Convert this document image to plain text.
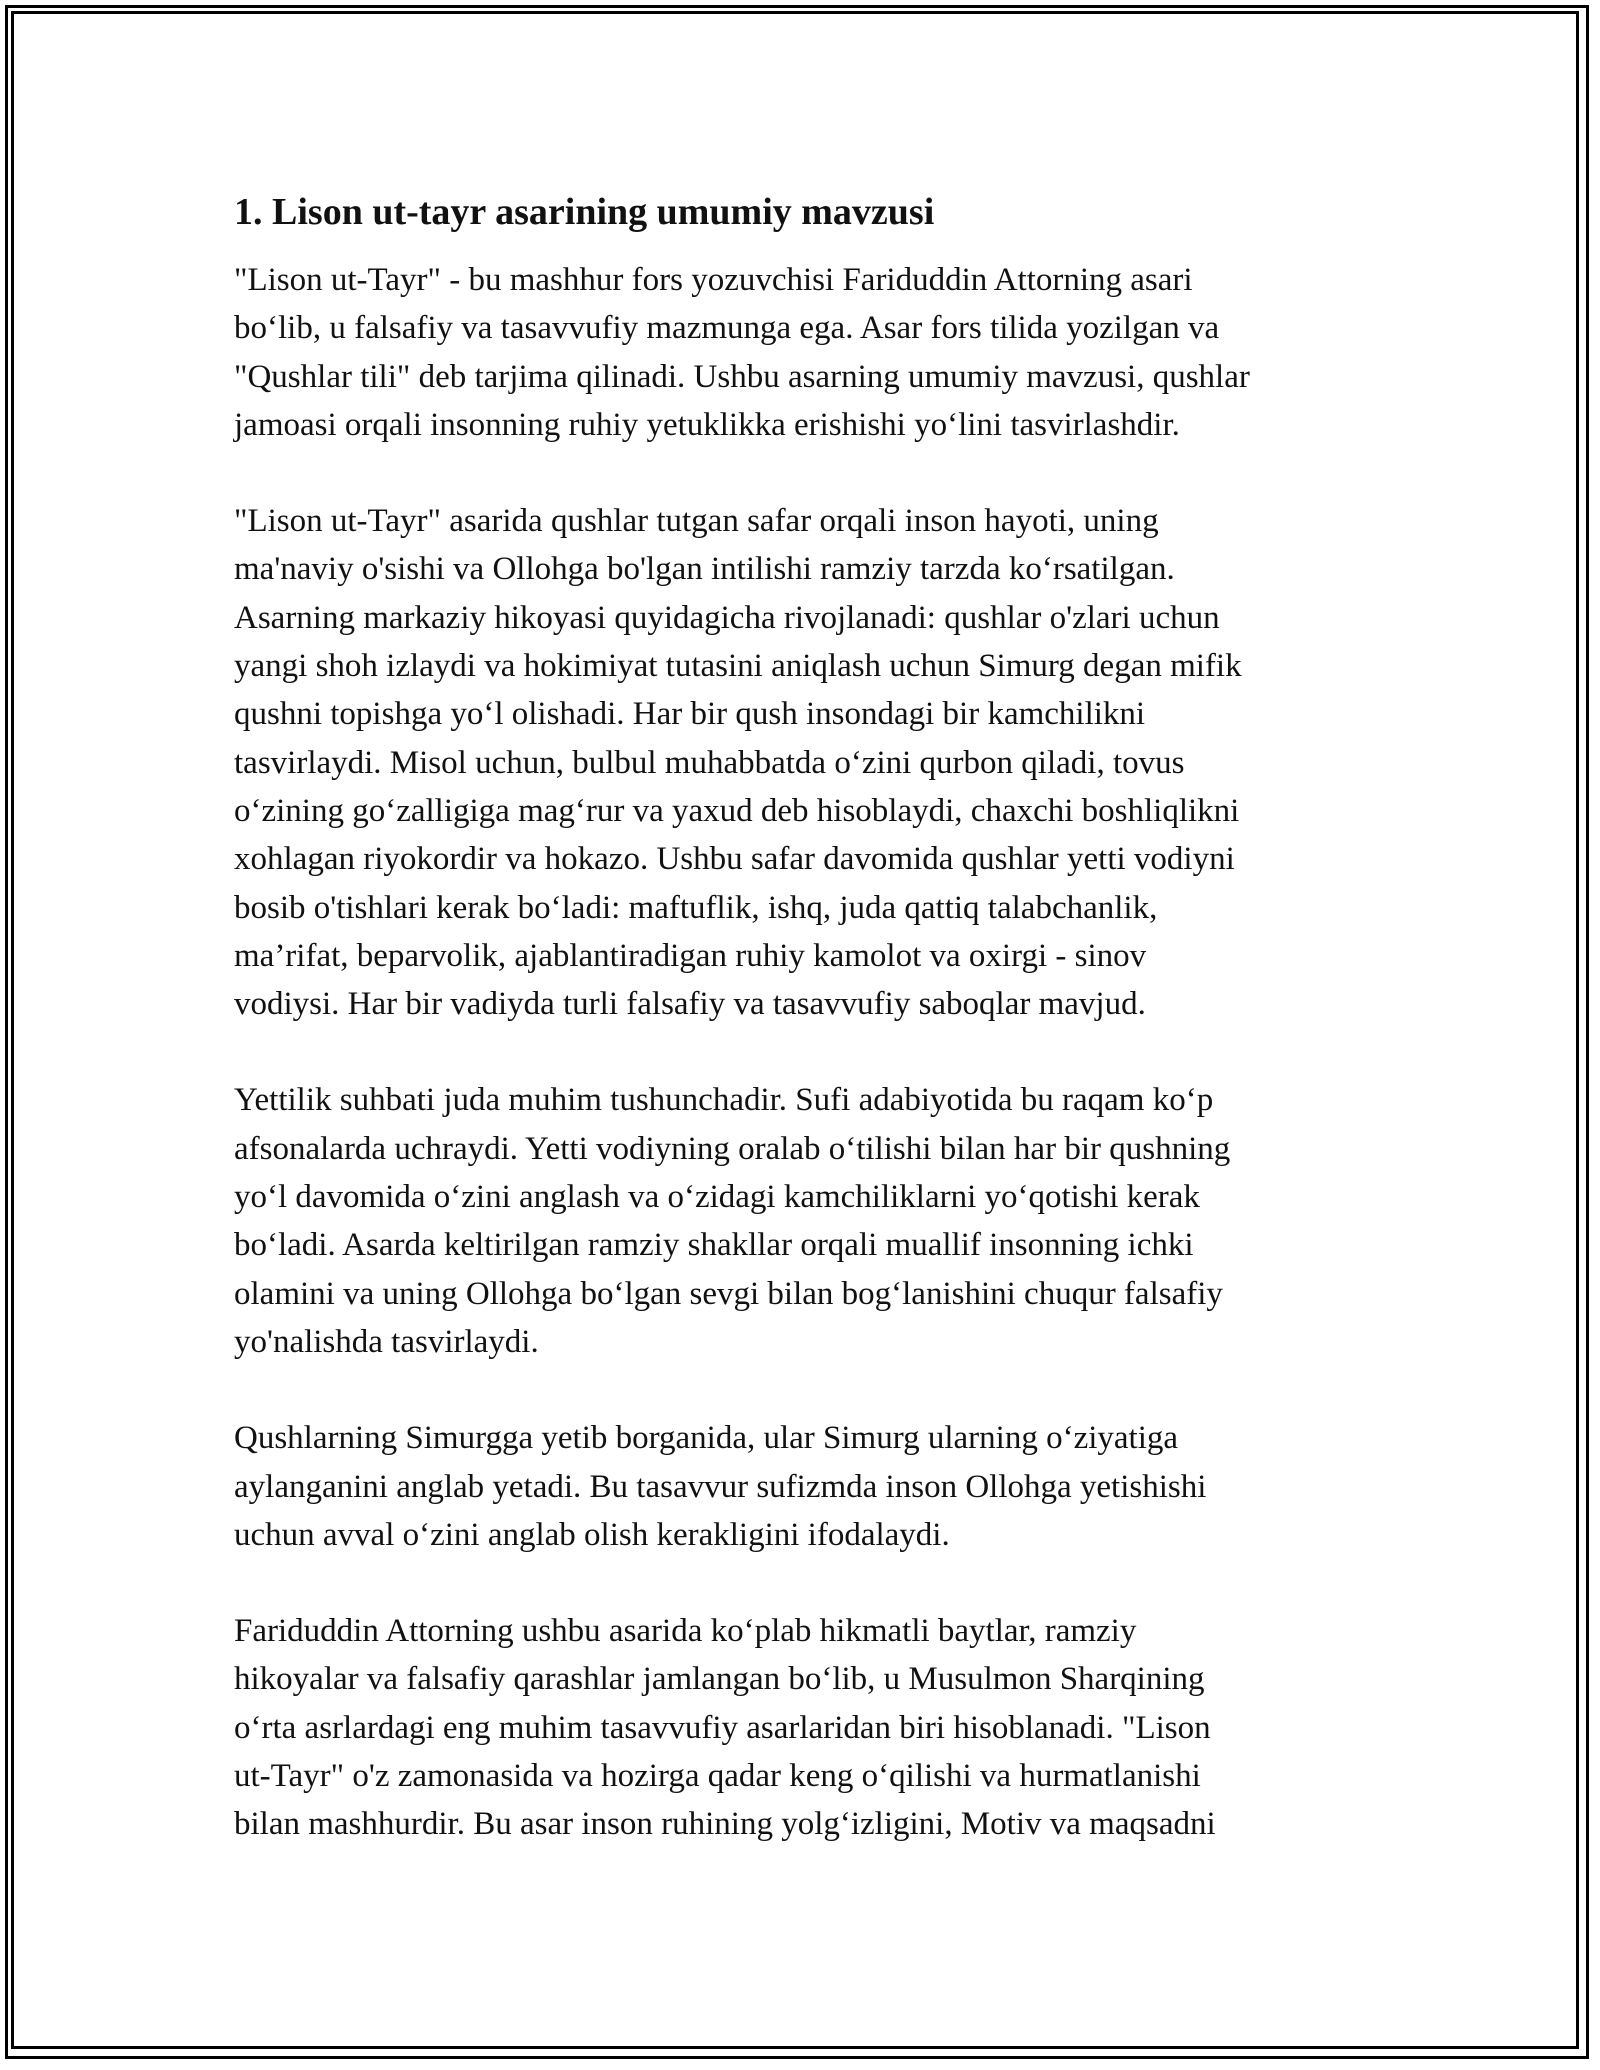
1. Lison ut-tayr asarining umumiy mavzusi

"Lison ut-Tayr" - bu mashhur fors yozuvchisi Fariduddin Attorning asari
bo‘lib, u falsafiy va tasavvufiy mazmunga ega. Asar fors tilida yozilgan va
"Qushlar tili" deb tarjima qilinadi. Ushbu asarning umumiy mavzusi, qushlar
jamoasi orqali insonning ruhiy yetuklikka erishishi yo‘lini tasvirlashdir.

"Lison ut-Tayr" asarida qushlar tutgan safar orqali inson hayoti, uning
ma'naviy o'sishi va Ollohga bo'lgan intilishi ramziy tarzda ko‘rsatilgan.
Asarning markaziy hikoyasi quyidagicha rivojlanadi: qushlar o'zlari uchun
yangi shoh izlaydi va hokimiyat tutasini aniqlash uchun Simurg degan mifik
qushni topishga yo‘l olishadi. Har bir qush insondagi bir kamchilikni
tasvirlaydi. Misol uchun, bulbul muhabbatda o‘zini qurbon qiladi, tovus
o‘zining go‘zalligiga mag‘rur va yaxud deb hisoblaydi, chaxchi boshliqlikni
xohlagan riyokordir va hokazo. Ushbu safar davomida qushlar yetti vodiyni
bosib o'tishlari kerak bo‘ladi: maftuflik, ishq, juda qattiq talabchanlik,
ma’rifat, beparvolik, ajablantiradigan ruhiy kamolot va oxirgi - sinov
vodiysi. Har bir vadiyda turli falsafiy va tasavvufiy saboqlar mavjud.

Yettilik suhbati juda muhim tushunchadir. Sufi adabiyotida bu raqam ko‘p
afsonalarda uchraydi. Yetti vodiyning oralab o‘tilishi bilan har bir qushning
yo‘l davomida o‘zini anglash va o‘zidagi kamchiliklarni yo‘qotishi kerak
bo‘ladi. Asarda keltirilgan ramziy shakllar orqali muallif insonning ichki
olamini va uning Ollohga bo‘lgan sevgi bilan bog‘lanishini chuqur falsafiy
yo'nalishda tasvirlaydi.

Qushlarning Simurgga yetib borganida, ular Simurg ularning o‘ziyatiga
aylanganini anglab yetadi. Bu tasavvur sufizmda inson Ollohga yetishishi
uchun avval o‘zini anglab olish kerakligini ifodalaydi.

Fariduddin Attorning ushbu asarida ko‘plab hikmatli baytlar, ramziy
hikoyalar va falsafiy qarashlar jamlangan bo‘lib, u Musulmon Sharqining
o‘rta asrlardagi eng muhim tasavvufiy asarlaridan biri hisoblanadi. "Lison
ut-Tayr" o'z zamonasida va hozirga qadar keng o‘qilishi va hurmatlanishi
bilan mashhurdir. Bu asar inson ruhining yolg‘izligini, Motiv va maqsadni
